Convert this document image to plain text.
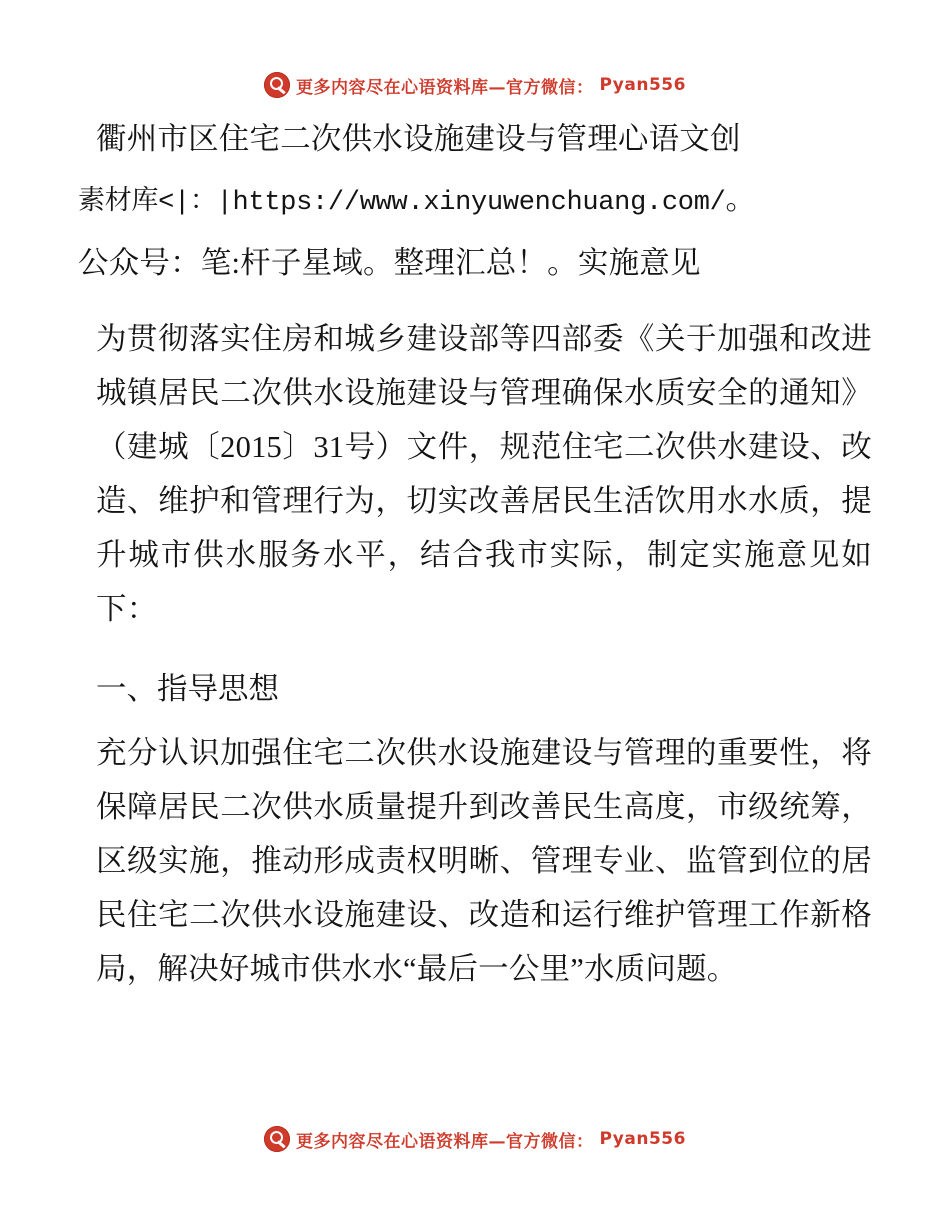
更多内容尽在心语资料库—官方微信： Pyan556

衢州市区住宅二次供水设施建设与管理心语文创

素材库<|：|https://www.xinyuwenchuang.com/。

公众号：笔:杆子星域。整理汇总！。实施意见

为贯彻落实住房和城乡建设部等四部委《关于加强和改进城镇居民二次供水设施建设与管理确保水质安全的通知》（建城〔2015〕31号）文件，规范住宅二次供水建设、改造、维护和管理行为，切实改善居民生活饮用水水质，提升城市供水服务水平，结合我市实际，制定实施意见如下：

一、指导思想

充分认识加强住宅二次供水设施建设与管理的重要性，将保障居民二次供水质量提升到改善民生高度，市级统筹，区级实施，推动形成责权明晰、管理专业、监管到位的居民住宅二次供水设施建设、改造和运行维护管理工作新格局，解决好城市供水水“最后一公里”水质问题。

更多内容尽在心语资料库—官方微信： Pyan556
